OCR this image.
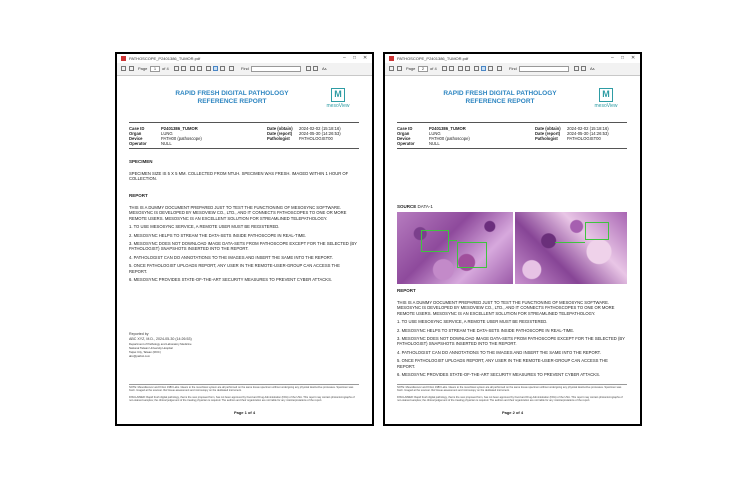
PATHOSCOPE_P2401386_TUMOR.pdf	– □ ✕
Page	1	of 4	Find	Aᴀ
RAPID FRESH DIGITAL PATHOLOGY
REFERENCE REPORT
M
mesoView
Case ID	P2401386_TUMOR
Organ	LUNG
Device	PATH00 (pathoscope)
Operator	NULL
Date (obtain) 2024-02-02 (15:18:16)
Date (report) 2024-05-30 (14:26:53)
Pathologist PATHOLOGIST00
SPECIMEN
SPECIMEN SIZE IS 5 X 5 MM. COLLECTED FROM NTUH. SPECIMEN WAS FRESH. IMAGED WITHIN 1 HOUR OF COLLECTION.
REPORT

THIS IS A DUMMY DOCUMENT PREPARED JUST TO TEST THE FUNCTIONING OF MESOSYNC SOFTWARE. MESOSYNC IS DEVELOPED BY MESOVIEW CO., LTD., AND IT CONNECTS PATHOSCOPES TO ONE OR MORE REMOTE USERS. MESOSYNC IS AN EXCELLENT SOLUTION FOR STREAMLINED TELEPATHOLOGY.

1. TO USE MESOSYNC SERVICE, A REMOTE USER MUST BE REGISTERED.

2. MESOSYNC HELPS TO STREAM THE DATA-SETS INSIDE PATHOSCOPE IN REAL-TIME.

3. MESOSYNC DOES NOT DOWNLOAD IMAGE DATA-SETS FROM PATHOSCOPE EXCEPT FOR THE SELECTED (BY PATHOLOGIST) SNAPSHOTS INSERTED INTO THE REPORT.

4. PATHOLOGIST CAN DO ANNOTATIONS TO THE IMAGES AND INSERT THE SAME INTO THE REPORT.

5. ONCE PATHOLOGIST UPLOADS REPORT, ANY USER IN THE REMOTE-USER-GROUP CAN ACCESS THE REPORT.

6. MESOSYNC PROVIDES STATE-OF-THE-ART SECURITY MEASURES TO PREVENT CYBER ATTACKS.

Reported by
ABC XYZ, M.D., 2024-05-30 (14:26:53)
Department of Pathology and Laboratory Medicine
National Taiwan University Hospital
Taipei City, Taiwan (ROC)
abc@pathol.com
NOTE: Mesodiscover and Kriton 1980 Labs. Gleam to the mesoView system are all performed on the same tissue specimen without undergoing any physical destructive processes. Specimen was fresh. Imaged at the scanner. Ref tissue assessment and microscopy on the dedicated instrument.
DISCLAIMER: Rapid fresh digital pathology, that is the new proposed form, has not been approved by Food and Drug Administration (FDA) of the USA. This report may contain photomicrographs of non-stained samples; the clinical judgement of the treating physician is required. The authors and their organization are not liable for any misinterpretations of the report.
Page 1 of 4
PATHOSCOPE_P2401386_TUMOR.pdf	– □ ✕
Page	2	of 4	Find	Aᴀ
RAPID FRESH DIGITAL PATHOLOGY
REFERENCE REPORT
M
mesoView
Case ID	P2401386_TUMOR
Organ	LUNG
Device	PATH00 (pathoscope)
Operator	NULL
Date (obtain) 2024-02-02 (15:18:16)
Date (report) 2024-05-30 (14:26:53)
Pathologist PATHOLOGIST00
SOURCE DATA-1
REPORT

THIS IS A DUMMY DOCUMENT PREPARED JUST TO TEST THE FUNCTIONING OF MESOSYNC SOFTWARE. MESOSYNC IS DEVELOPED BY MESOVIEW CO., LTD., AND IT CONNECTS PATHOSCOPES TO ONE OR MORE REMOTE USERS. MESOSYNC IS AN EXCELLENT SOLUTION FOR STREAMLINED TELEPATHOLOGY.

1. TO USE MESOSYNC SERVICE, A REMOTE USER MUST BE REGISTERED.

2. MESOSYNC HELPS TO STREAM THE DATA-SETS INSIDE PATHOSCOPE IN REAL-TIME.

3. MESOSYNC DOES NOT DOWNLOAD IMAGE DATA-SETS FROM PATHOSCOPE EXCEPT FOR THE SELECTED (BY PATHOLOGIST) SNAPSHOTS INSERTED INTO THE REPORT.

4. PATHOLOGIST CAN DO ANNOTATIONS TO THE IMAGES AND INSERT THE SAME INTO THE REPORT.

5. ONCE PATHOLOGIST UPLOADS REPORT, ANY USER IN THE REMOTE-USER-GROUP CAN ACCESS THE REPORT.

6. MESOSYNC PROVIDES STATE-OF-THE-ART SECURITY MEASURES TO PREVENT CYBER ATTACKS.

NOTE: Mesodiscover and Kriton 1980 Labs. Gleam to the mesoView system are all performed on the same tissue specimen without undergoing any physical destructive processes. Specimen was fresh. Imaged at the scanner. Ref tissue assessment and microscopy on the dedicated instrument.
DISCLAIMER: Rapid fresh digital pathology, that is the new proposed form, has not been approved by Food and Drug Administration (FDA) of the USA. This report may contain photomicrographs of non-stained samples; the clinical judgement of the treating physician is required. The authors and their organization are not liable for any misinterpretations of the report.
Page 2 of 4
